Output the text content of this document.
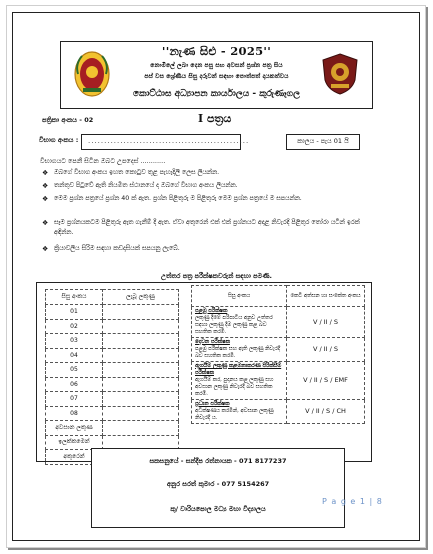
''නැණ සිළු - 2025''
නොමිලේ ලබා දෙන පසු සහ අවසන් ප්‍රශ්න පත්‍ර සිය
පස් වස ශ්‍රේණිය සිසු දරුවන් සඳහා පොත්පත් දායකත්වය
කොට්ඨාස අධ්‍යාපන කාර්යාලය - කුරුණෑගල
පත්‍රිකා අංකය - 02	I පත්‍රය
විභාග අංකය : ..................................................	කාලය - පැය 01 යි
විභාගයට පෙනී සිටින ඔබට උපදෙස් ............
❖ ඔබගේ විභාග අංකය ඉහත කොටුව තුළ පැහැදිලි ලෙස ලියන්න.
❖ තන්තුව පිටුවේ ඇති නියමිත ස්ථානයේ ද ඔබගේ විභාග අංකය ලියන්න.
❖ මෙම ප්‍රශ්න පත්‍රයේ ප්‍රශ්න 40 ක් ඇත. ප්‍රශ්න පිළිතුරු ම පිළිතුරු මෙම ප්‍රශ්න පත්‍රයේ ම සපයන්න.
❖ සෑම ප්‍රශ්නයකටම පිළිතුරු ඇත ගැනීම් දී ඇත. ඒවා අතුරෙන් එක් එක් ප්‍රශ්නයට අදාළ නිවැරදි පිළිතුර තෝරා යටින් ඉරක් අඳින්න.
❖ ක්‍රියාවලිය සිරිම සඳහා කඩදාසියක් සපයනු ලැබේ.
උත්තර පත්‍ර පරීක්ෂකවරුන් සඳහා පමණි.
සිසු අංකය	ලැබූ ලකුණු
01	
02	
03	
04	
05	
06	
07	
08	
අවසාන ලකුණ	
ඉලක්කමෙන්	
අකුරෙන්	
සිසු අංකය	කෙටි අත්සන හා සංකේත අංකය

පළමු පරීක්ෂක
ලකුණු දීමේ පරිපාටිය අනුව උත්තර සඳහා ලකුණු දීම ලකුණු කළ බව සහතික කරමි.	V / II / S

දෙවන පරීක්ෂක
පළමු පරීක්ෂක සහ ඇති ලකුණු නිවැරදි බව සහතික කරමි.	V / II / S

ඇගයීම් ලකුණු කළමනාකරණ පිරික්සීම් පරීක්ෂක
ඇගයීම් කර, පුදානය කළ ලකුණු සහ අවසාන ලකුණු නිවැරදි බව සහතික කරමි.	V / II / S / EMF

ප්‍රධාන පරීක්ෂක
අධීක්ෂණය කරමින්, අවසාන ලකුණු නිවැරදි ය.	V / II / S / CH
සකසනුයේ - සන්දීප රත්නායක - 071 8177237
අනුර සරත් කුමාර - 077 5154267
කු/ වාරියපොල මධ්‍ය මහා විද්‍යාලය
P a g e 1 | 8
